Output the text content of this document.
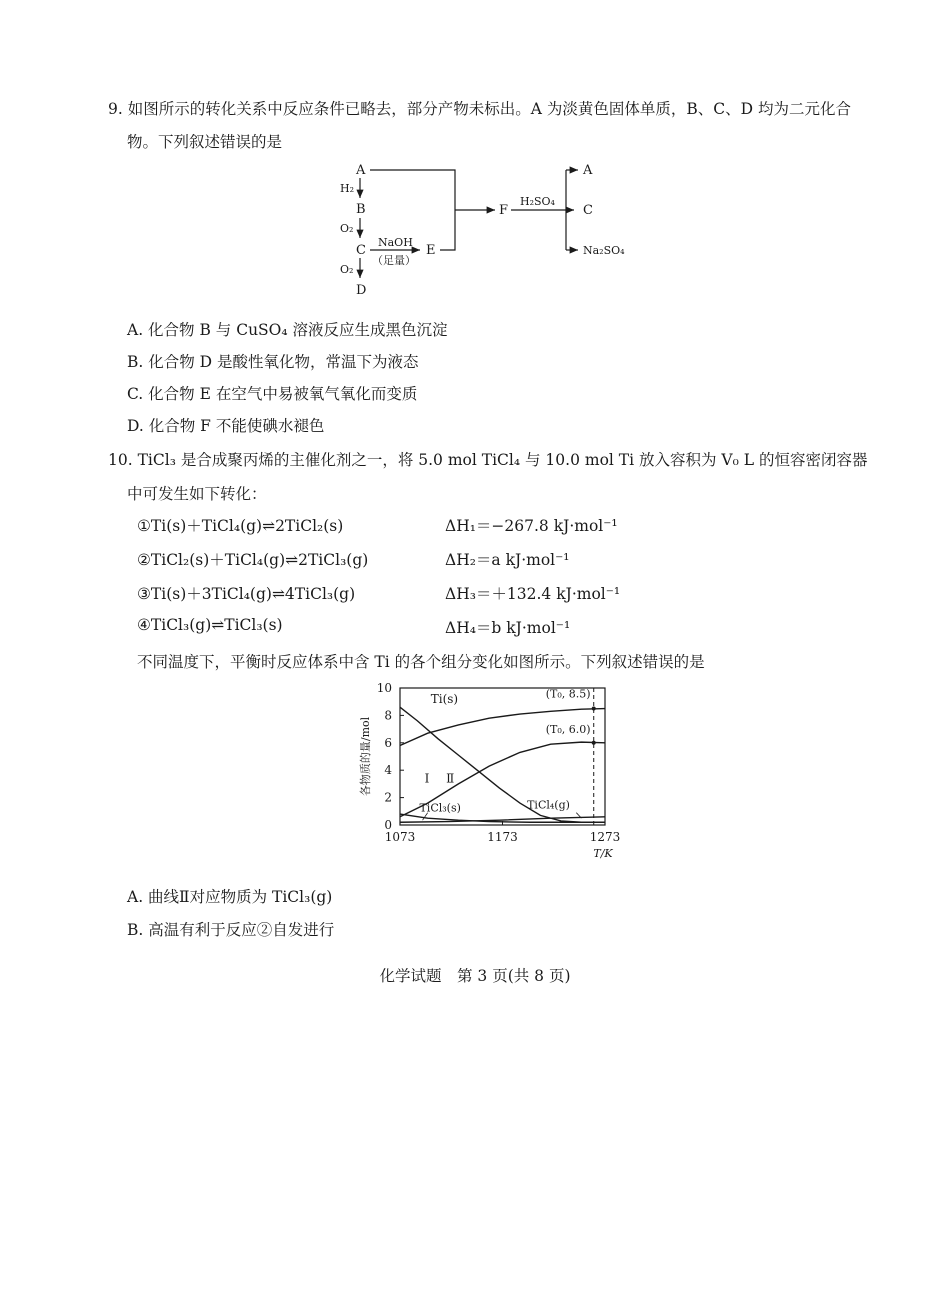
9. 如图所示的转化关系中反应条件已略去，部分产物未标出。A 为淡黄色固体单质，B、C、D 均为二元化合
物。下列叙述错误的是
A
B
C
D
H₂
O₂
O₂
NaOH
（足量）
E
F
H₂SO₄
A
C
Na₂SO₄
A. 化合物 B 与 CuSO₄ 溶液反应生成黑色沉淀
B. 化合物 D 是酸性氧化物，常温下为液态
C. 化合物 E 在空气中易被氧气氧化而变质
D. 化合物 F 不能使碘水褪色
10. TiCl₃ 是合成聚丙烯的主催化剂之一，将 5.0 mol TiCl₄ 与 10.0 mol Ti 放入容积为 V₀ L 的恒容密闭容器
中可发生如下转化：
①Ti(s)＋TiCl₄(g)⇌2TiCl₂(s)	ΔH₁＝−267.8 kJ·mol⁻¹
②TiCl₂(s)＋TiCl₄(g)⇌2TiCl₃(g)	ΔH₂＝a kJ·mol⁻¹
③Ti(s)＋3TiCl₄(g)⇌4TiCl₃(g)	ΔH₃＝＋132.4 kJ·mol⁻¹
④TiCl₃(g)⇌TiCl₃(s)	ΔH₄＝b kJ·mol⁻¹
不同温度下，平衡时反应体系中含 Ti 的各个组分变化如图所示。下列叙述错误的是
0
2
4
6
8
10
1073	1173	1273
T/K
各物质的量/mol
(T₀, 8.5)
(T₀, 6.0)
Ti(s)
Ⅰ Ⅱ
TiCl₃(s)	TiCl₄(g)
A. 曲线Ⅱ对应物质为 TiCl₃(g)
B. 高温有利于反应②自发进行
化学试题　第 3 页(共 8 页)
